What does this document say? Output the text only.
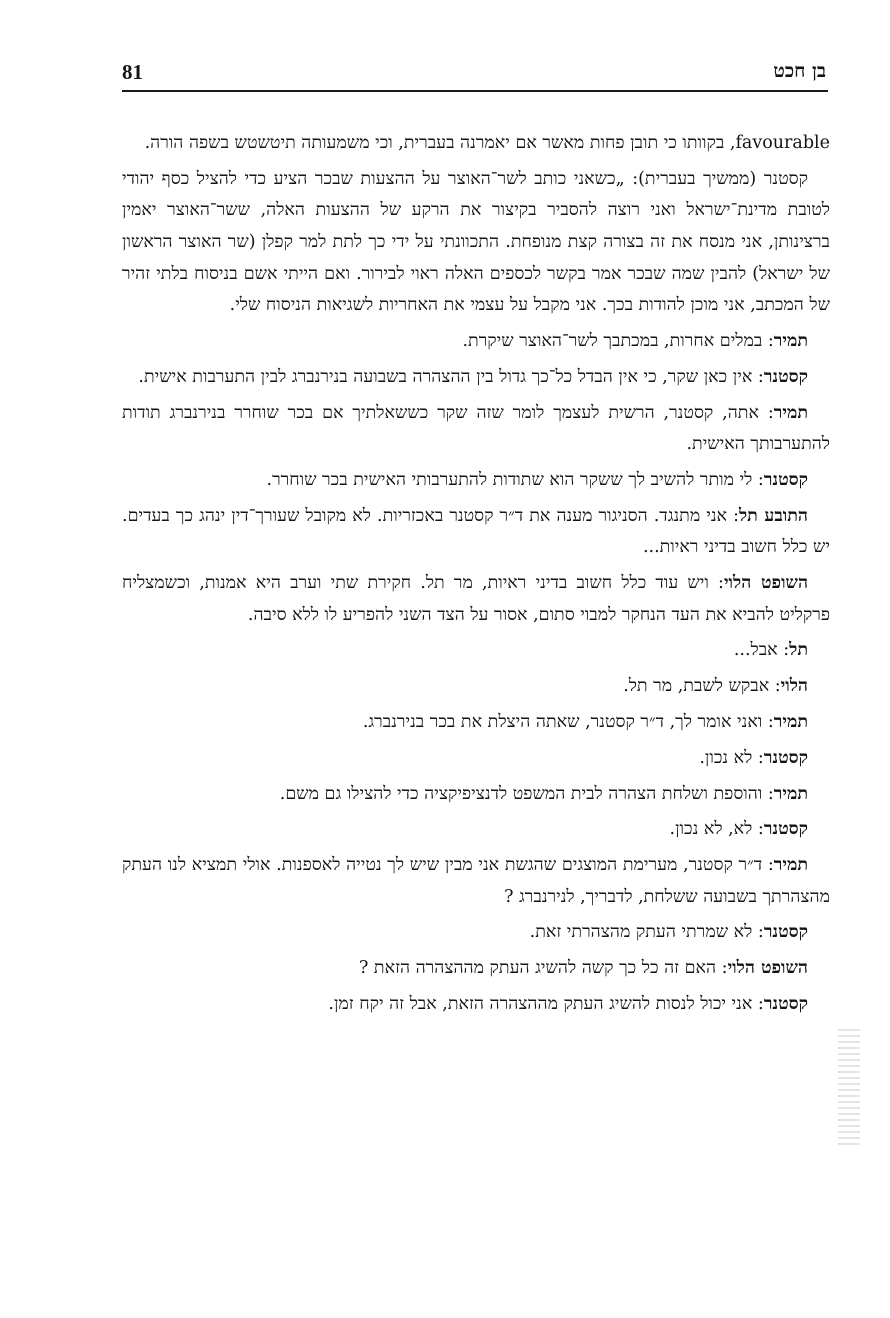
81	בן חכט

favourable, בקוותו כי תובן פחות מאשר אם יאמרנה בעברית, וכי משמעותה תיטשטש בשפה הורה.

קסטנר (ממשיך בעברית): „כשאני כותב לשר־האוצר על ההצעות שבכר הציע כדי להציל כסף יהודי לטובת מדינת־ישראל ואני רוצה להסביר בקיצור את הרקע של ההצעות האלה, ששר־האוצר יאמין ברצינותן, אני מנסח את זה בצורה קצת מנופחת. התכוונתי על ידי כך לתת למר קפלן (שר האוצר הראשון של ישראל) להבין שמה שבכר אמר בקשר לכספים האלה ראוי לבירור. ואם הייתי אשם בניסוח בלתי זהיר של המכתב, אני מוכן להודות בכך. אני מקבל על עצמי את האחריות לשגיאות הניסוח שלי.

תמיר: במלים אחרות, במכתבך לשר־האוצר שיקרת.

קסטנר: אין כאן שקר, כי אין הבדל כל־כך גדול בין ההצהרה בשבועה בנירנברג לבין התערבות אישית.

תמיר: אתה, קסטנר, הרשית לעצמך לומר שזה שקר כששאלתיך אם בכר שוחרר בנירנברג תודות להתערבותך האישית.

קסטנר: לי מותר להשיב לך ששקר הוא שתודות להתערבותי האישית בכר שוחרר.

התובע תל: אני מתנגד. הסניגור מענה את ד״ר קסטנר באכזריות. לא מקובל שעורך־דין ינהג כך בעדים. יש כלל חשוב בדיני ראיות...

השופט הלוי: ויש עוד כלל חשוב בדיני ראיות, מר תל. חקירת שתי וערב היא אמנות, וכשמצליח פרקליט להביא את העד הנחקר למבוי סתום, אסור על הצד השני להפריע לו ללא סיבה.

תל: אבל...

הלוי: אבקש לשבת, מר תל.

תמיר: ואני אומר לך, ד״ר קסטנר, שאתה היצלת את בכר בנירנברג.

קסטנר: לא נכון.

תמיר: והוספת ושלחת הצהרה לבית המשפט לדנציפיקציה כדי להצילו גם משם.

קסטנר: לא, לא נכון.

תמיר: ד״ר קסטנר, מערימת המוצגים שהגשת אני מבין שיש לך נטייה לאספנות. אולי תמציא לנו העתק מהצהרתך בשבועה ששלחת, לדבריך, לנירנברג ?

קסטנר: לא שמרתי העתק מהצהרתי זאת.

השופט הלוי: האם זה כל כך קשה להשיג העתק מההצהרה הזאת ?

קסטנר: אני יכול לנסות להשיג העתק מההצהרה הזאת, אבל זה יקח זמן.
